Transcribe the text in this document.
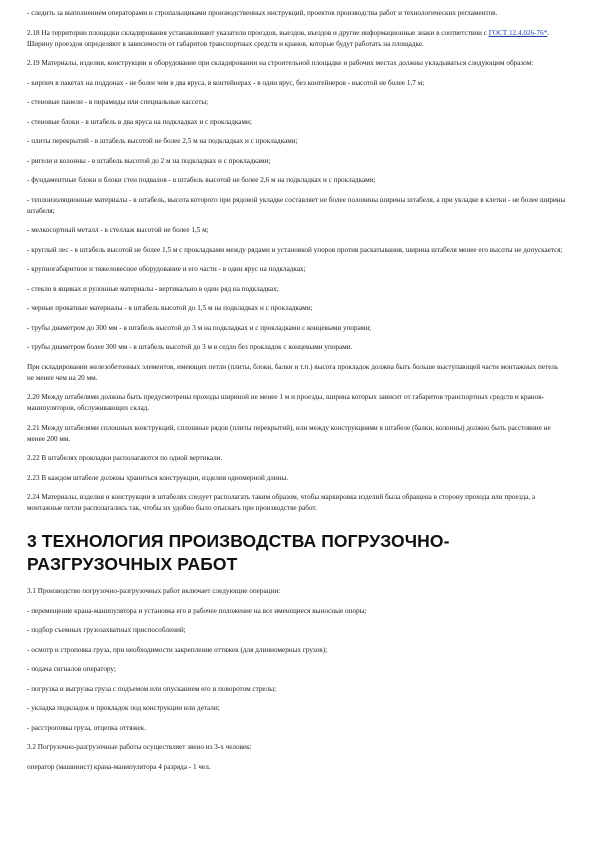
- следить за выполнением операторами и стропальщиками производственных инструкций, проектов производства работ и технологических регламентов.

2.18 На территории площадки складирования устанавливают указатели проездов, выездов, въездов и другие информационные знаки в соответствии с ГОСТ 12.4.026-76*. Ширину проездов определяют в зависимости от габаритов транспортных средств и кранов, которые будут работать на площадке.

2.19 Материалы, изделия, конструкции и оборудование при складировании на строительной площадке и рабочих местах должны укладываться следующим образом:

- кирпич в пакетах на поддонах - не более чем в два яруса, в контейнерах - в один ярус, без контейнеров - высотой не более 1,7 м;

- стеновые панели - в пирамиды или специальные кассеты;

- стеновые блоки - в штабель в два яруса на подкладках и с прокладками;

- плиты перекрытий - в штабель высотой не более 2,5 м на подкладках и с прокладками;

- ригели и колонны - в штабель высотой до 2 м на подкладках и с прокладками;

- фундаментные блоки и блоки стен подвалов - в штабель высотой не более 2,6 м на подкладках и с прокладками;

- теплоизоляционные материалы - в штабель, высота которого при рядовой укладке составляет не более половины ширины штабеля, а при укладке в клетки - не более ширины штабеля;

- мелкосортный металл - в стеллаж высотой не более 1,5 м;

- круглый лес - в штабель высотой не более 1,5 м с прокладками между рядами и установкой упоров против раскатывания, ширина штабеля менее его высоты не допускается;

- крупногабаритное и тяжеловесное оборудование и его части - в один ярус на подкладках;

- стекло в ящиках и рулонные материалы - вертикально в один ряд на подкладках;

- черные прокатные материалы - в штабель высотой до 1,5 м на подкладках и с прокладками;

- трубы диаметром до 300 мм - в штабель высотой до 3 м на подкладках и с прокладками с концевыми упорами;

- трубы диаметром более 300 мм - в штабель высотой до 3 м в седло без прокладок с концевыми упорами.

При складировании железобетонных элементов, имеющих петли (плиты, блоки, балки и т.п.) высота прокладок должна быть больше выступающей части монтажных петель не менее чем на 20 мм.

2.20 Между штабелями должны быть предусмотрены проходы шириной не менее 1 м и проезды, ширина которых зависит от габаритов транспортных средств и кранов-манипуляторов, обслуживающих склад.

2.21 Между штабелями сплошных конструкций, сплошные рядов (плиты перекрытий), или между конструкциями в штабеле (балки, колонны) должно быть расстояние не менее 200 мм.

2.22 В штабелях прокладки располагаются по одной вертикали.

2.23 В каждом штабеле должны храниться конструкции, изделия одномерной длины.

2.24 Материалы, изделия и конструкции в штабелях следует располагать таким образом, чтобы маркировка изделий была обращена в сторону прохода или проезда, а монтажные петли располагались так, чтобы их удобно было отыскать при производстве работ.

3 ТЕХНОЛОГИЯ ПРОИЗВОДСТВА ПОГРУЗОЧНО-
РАЗГРУЗОЧНЫХ РАБОТ

3.1 Производство погрузочно-разгрузочных работ включает следующие операции:

- перемещение крана-манипулятора и установка его в рабочее положение на все имеющиеся выносные опоры;

- подбор съемных грузозахватных приспособлений;

- осмотр и строповка груза, при необходимости закрепление оттяжек (для длинномерных грузов);

- подача сигналов оператору;

- погрузка и выгрузка груза с подъемом или опусканием его и поворотом стрелы;

- укладка подкладок и прокладок под конструкции или детали;

- расстроповка груза, отцепка оттяжек.

3.2 Погрузочно-разгрузочные работы осуществляет звено из 3-х человек:

оператор (машинист) крана-манипулятора 4 разряда - 1 чел.
